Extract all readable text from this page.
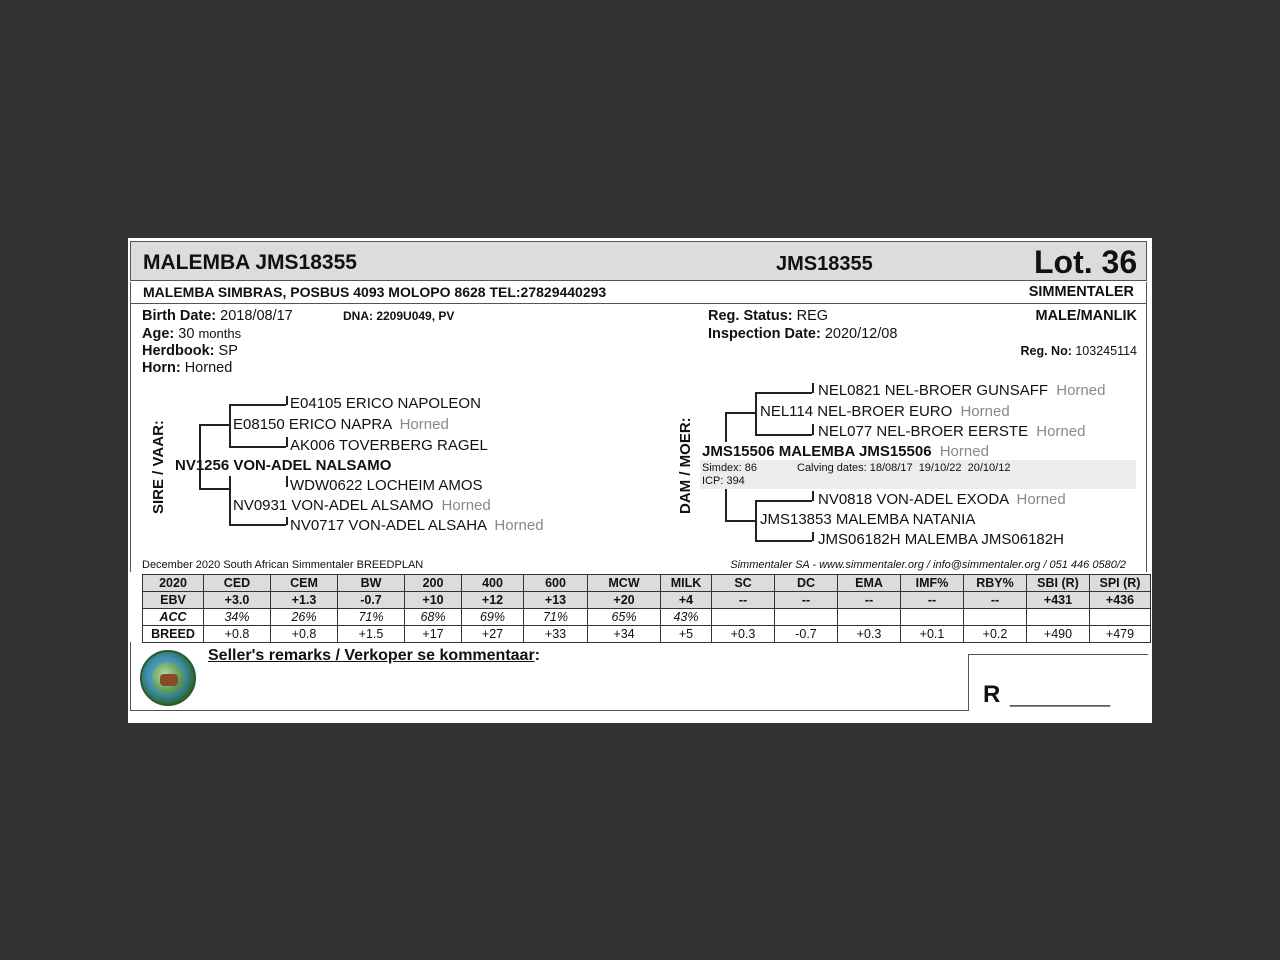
MALEMBA JMS18355	JMS18355	Lot. 36
MALEMBA SIMBRAS, POSBUS 4093 MOLOPO 8628 TEL:27829440293	SIMMENTALER
Birth Date: 2018/08/17	DNA: 2209U049, PV
Age: 30 months
Herdbook: SP
Horn: Horned
Reg. Status: REG
Inspection Date: 2020/12/08
MALE/MANLIK
Reg. No: 103245114
SIRE / VAAR:
E04105 ERICO NAPOLEON
E08150 ERICO NAPRA Horned
AK006 TOVERBERG RAGEL
NV1256 VON-ADEL NALSAMO
WDW0622 LOCHEIM AMOS
NV0931 VON-ADEL ALSAMO Horned
NV0717 VON-ADEL ALSAHA Horned
DAM / MOER:
NEL0821 NEL-BROER GUNSAFF Horned
NEL114 NEL-BROER EURO Horned
NEL077 NEL-BROER EERSTE Horned
JMS15506 MALEMBA JMS15506 Horned
Simdex: 86	Calving dates: 18/08/17  19/10/22  20/10/12
ICP: 394
NV0818 VON-ADEL EXODA Horned
JMS13853 MALEMBA NATANIA
JMS06182H MALEMBA JMS06182H
December 2020 South African Simmentaler BREEDPLAN	Simmentaler SA - www.simmentaler.org / info@simmentaler.org / 051 446 0580/2
2020	CED	CEM	BW	200	400	600	MCW	MILK	SC	DC	EMA	IMF%	RBY%	SBI (R)	SPI (R)
EBV	+3.0	+1.3	-0.7	+10	+12	+13	+20	+4	--	--	--	--	--	+431	+436
ACC	34%	26%	71%	68%	69%	71%	65%	43%							
BREED	+0.8	+0.8	+1.5	+17	+27	+33	+34	+5	+0.3	-0.7	+0.3	+0.1	+0.2	+490	+479
Seller's remarks / Verkoper se kommentaar:
R __________
